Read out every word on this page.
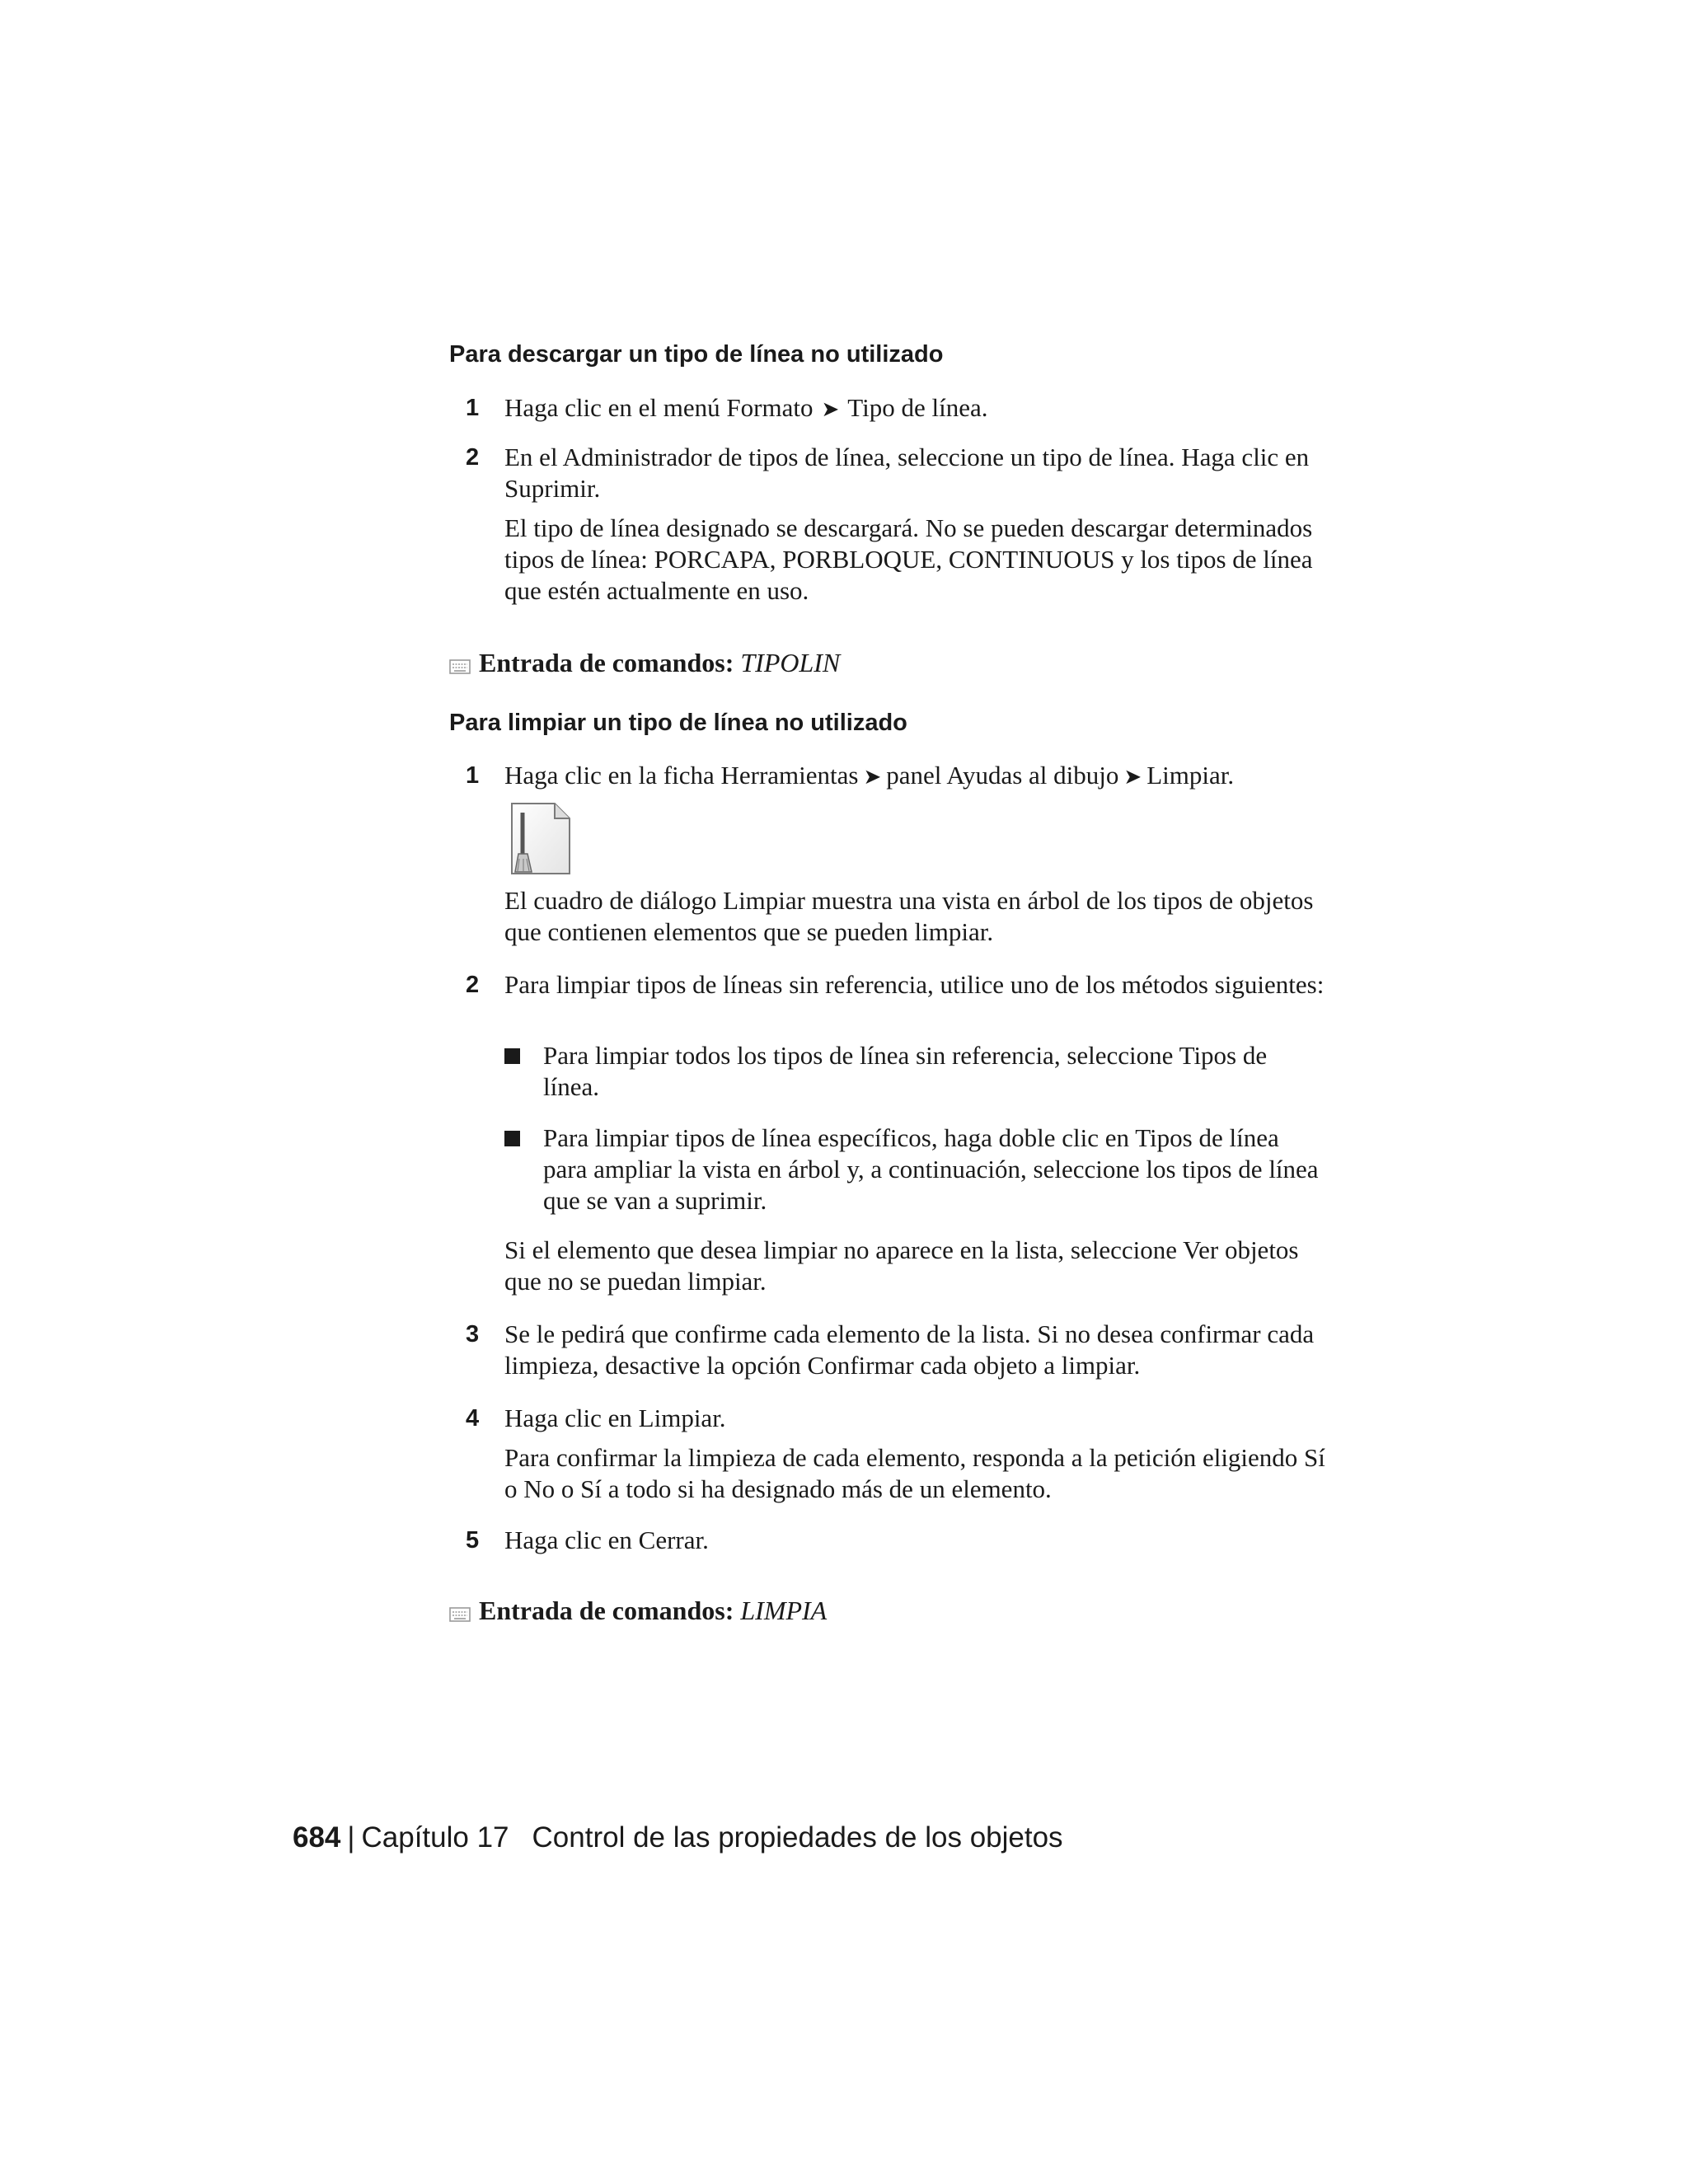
Para descargar un tipo de línea no utilizado
1 Haga clic en el menú Formato ➤ Tipo de línea.
2 En el Administrador de tipos de línea, seleccione un tipo de línea. Haga clic en Suprimir.
El tipo de línea designado se descargará. No se pueden descargar determinados tipos de línea: PORCAPA, PORBLOQUE, CONTINUOUS y los tipos de línea que estén actualmente en uso.
Entrada de comandos: TIPOLIN
Para limpiar un tipo de línea no utilizado
1 Haga clic en la ficha Herramientas ➤ panel Ayudas al dibujo ➤ Limpiar.
El cuadro de diálogo Limpiar muestra una vista en árbol de los tipos de objetos que contienen elementos que se pueden limpiar.
2 Para limpiar tipos de líneas sin referencia, utilice uno de los métodos siguientes:
Para limpiar todos los tipos de línea sin referencia, seleccione Tipos de línea.
Para limpiar tipos de línea específicos, haga doble clic en Tipos de línea para ampliar la vista en árbol y, a continuación, seleccione los tipos de línea que se van a suprimir.
Si el elemento que desea limpiar no aparece en la lista, seleccione Ver objetos que no se puedan limpiar.
3 Se le pedirá que confirme cada elemento de la lista. Si no desea confirmar cada limpieza, desactive la opción Confirmar cada objeto a limpiar.
4 Haga clic en Limpiar.
Para confirmar la limpieza de cada elemento, responda a la petición eligiendo Sí o No o Sí a todo si ha designado más de un elemento.
5 Haga clic en Cerrar.
Entrada de comandos: LIMPIA
684 | Capítulo 17 Control de las propiedades de los objetos
